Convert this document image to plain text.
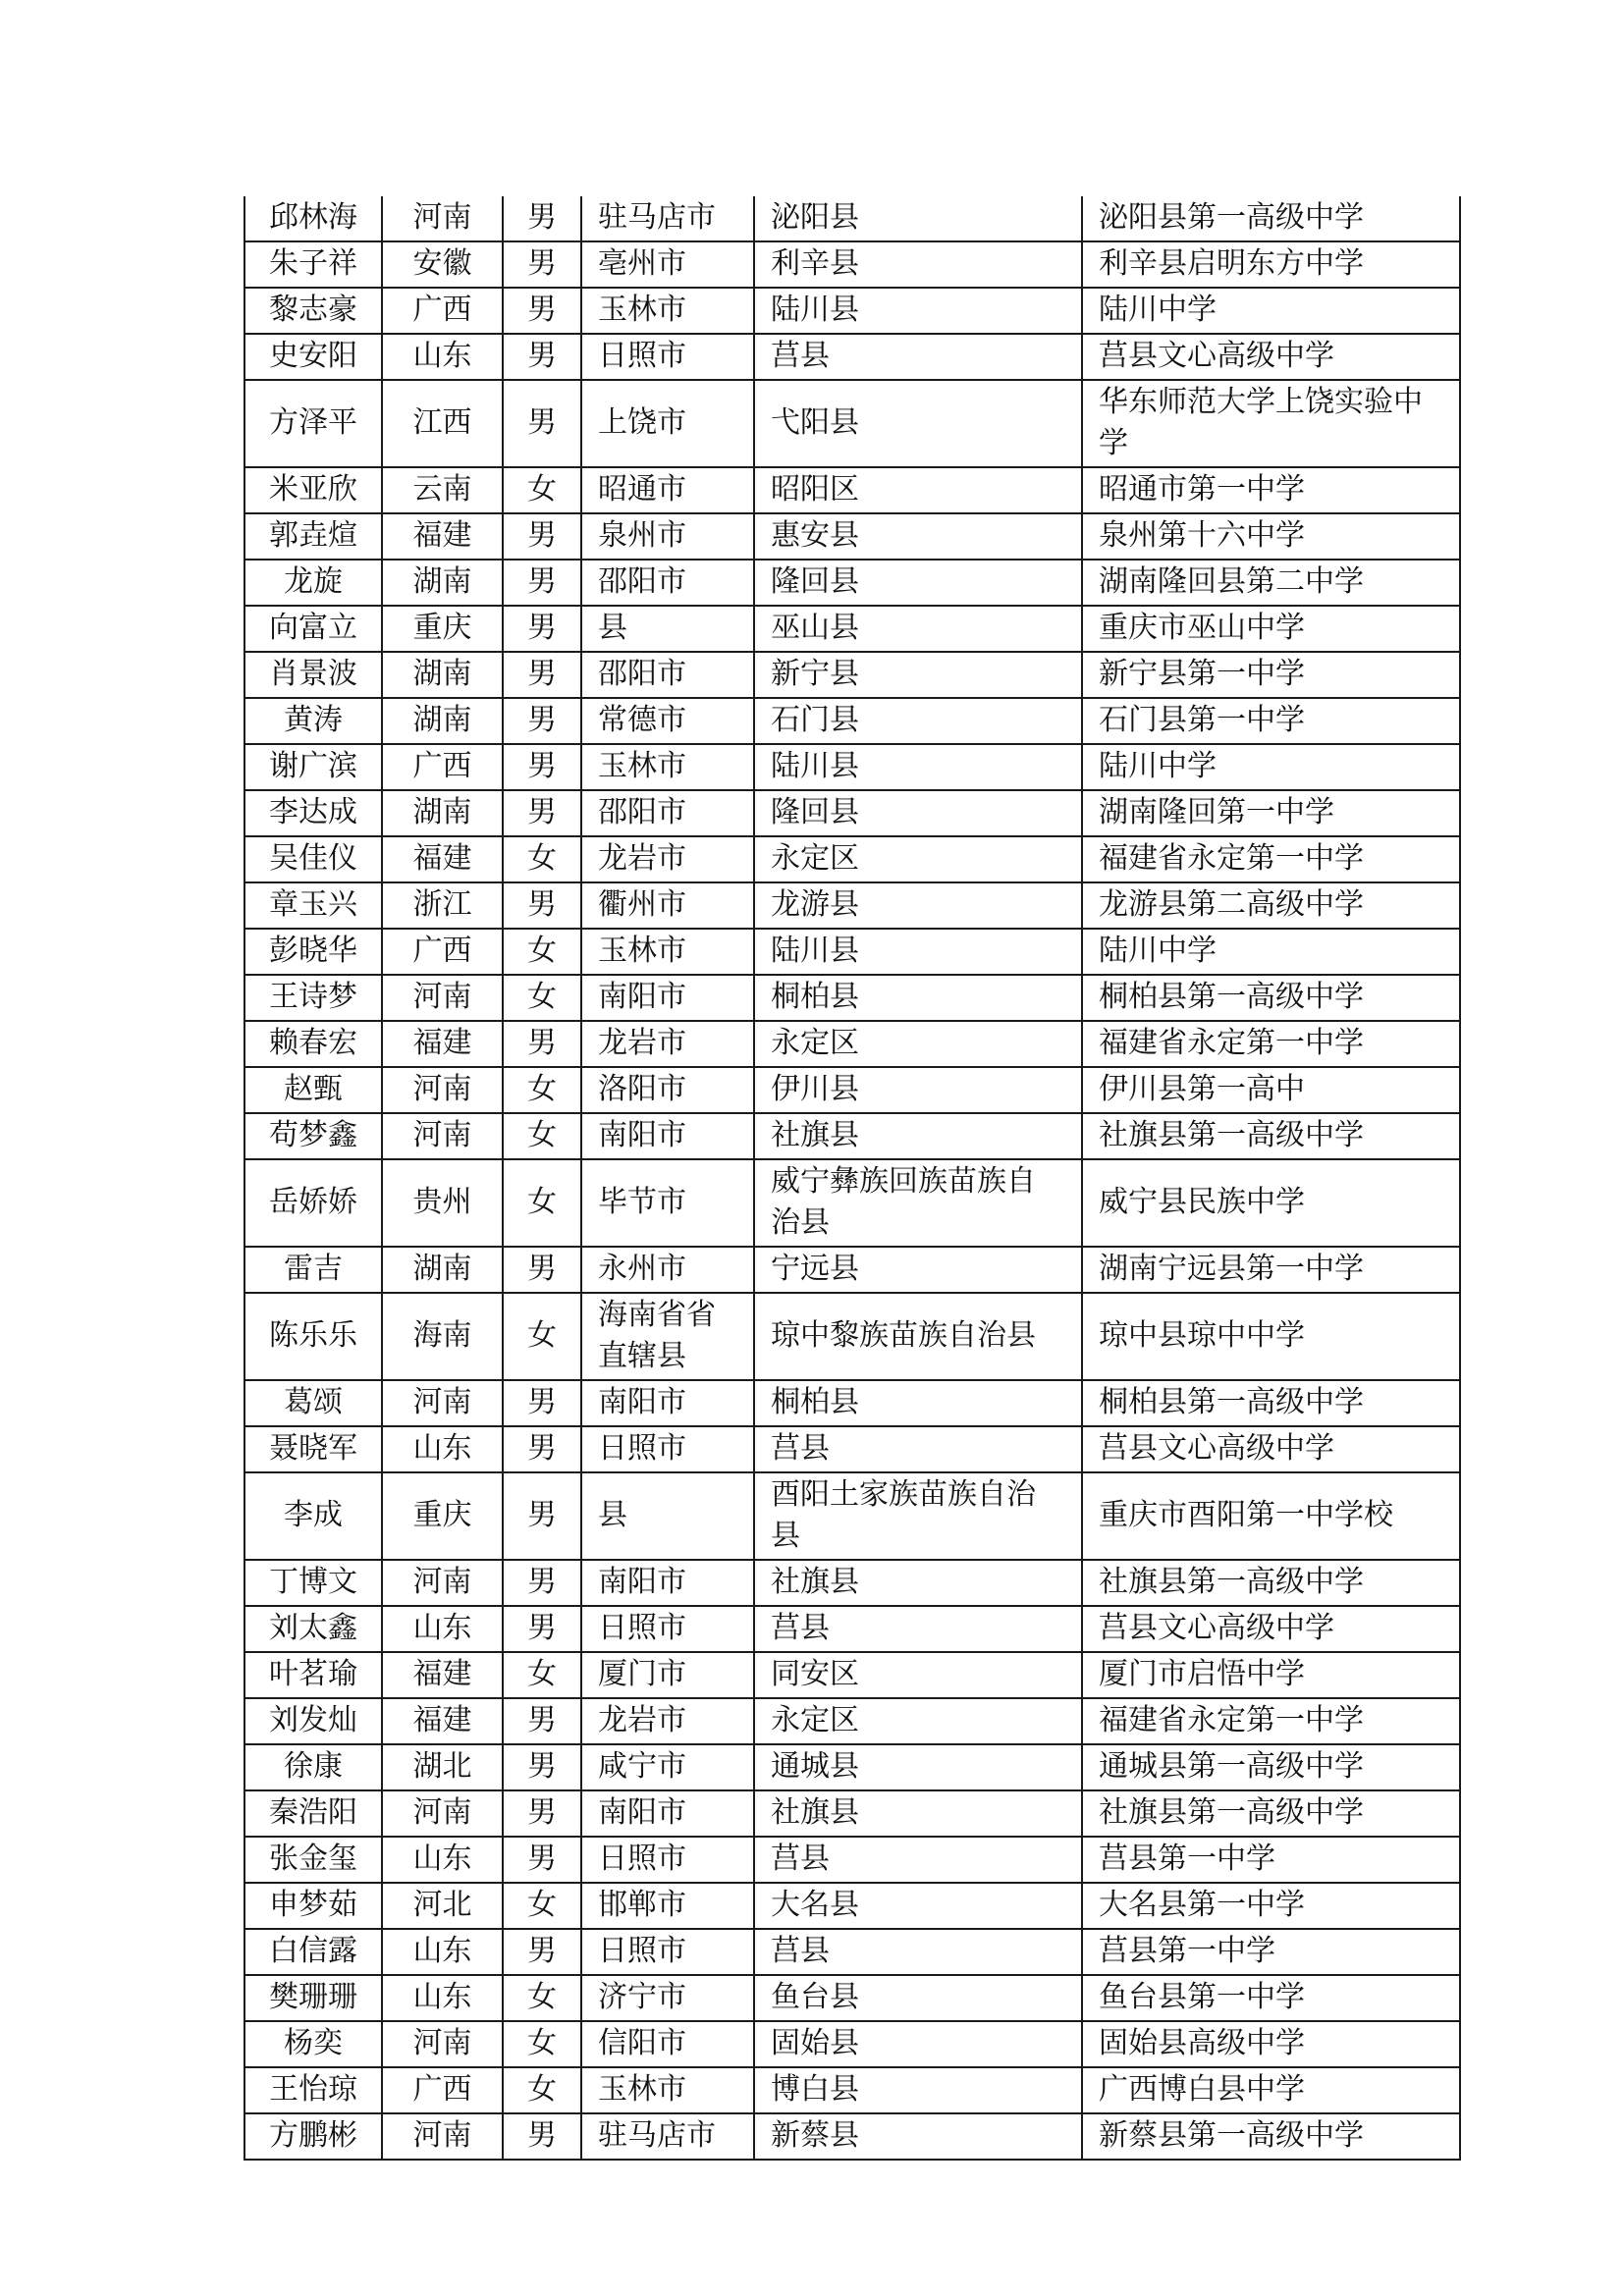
邱林海	河南	男	驻马店市	泌阳县	泌阳县第一高级中学
朱子祥	安徽	男	亳州市	利辛县	利辛县启明东方中学
黎志豪	广西	男	玉林市	陆川县	陆川中学
史安阳	山东	男	日照市	莒县	莒县文心高级中学
方泽平	江西	男	上饶市	弋阳县	华东师范大学上饶实验中学
米亚欣	云南	女	昭通市	昭阳区	昭通市第一中学
郭垚煊	福建	男	泉州市	惠安县	泉州第十六中学
龙旋	湖南	男	邵阳市	隆回县	湖南隆回县第二中学
向富立	重庆	男	县	巫山县	重庆市巫山中学
肖景波	湖南	男	邵阳市	新宁县	新宁县第一中学
黄涛	湖南	男	常德市	石门县	石门县第一中学
谢广滨	广西	男	玉林市	陆川县	陆川中学
李达成	湖南	男	邵阳市	隆回县	湖南隆回第一中学
吴佳仪	福建	女	龙岩市	永定区	福建省永定第一中学
章玉兴	浙江	男	衢州市	龙游县	龙游县第二高级中学
彭晓华	广西	女	玉林市	陆川县	陆川中学
王诗梦	河南	女	南阳市	桐柏县	桐柏县第一高级中学
赖春宏	福建	男	龙岩市	永定区	福建省永定第一中学
赵甄	河南	女	洛阳市	伊川县	伊川县第一高中
苟梦鑫	河南	女	南阳市	社旗县	社旗县第一高级中学
岳娇娇	贵州	女	毕节市	威宁彝族回族苗族自治县	威宁县民族中学
雷吉	湖南	男	永州市	宁远县	湖南宁远县第一中学
陈乐乐	海南	女	海南省省直辖县	琼中黎族苗族自治县	琼中县琼中中学
葛颂	河南	男	南阳市	桐柏县	桐柏县第一高级中学
聂晓军	山东	男	日照市	莒县	莒县文心高级中学
李成	重庆	男	县	酉阳土家族苗族自治县	重庆市酉阳第一中学校
丁博文	河南	男	南阳市	社旗县	社旗县第一高级中学
刘太鑫	山东	男	日照市	莒县	莒县文心高级中学
叶茗瑜	福建	女	厦门市	同安区	厦门市启悟中学
刘发灿	福建	男	龙岩市	永定区	福建省永定第一中学
徐康	湖北	男	咸宁市	通城县	通城县第一高级中学
秦浩阳	河南	男	南阳市	社旗县	社旗县第一高级中学
张金玺	山东	男	日照市	莒县	莒县第一中学
申梦茹	河北	女	邯郸市	大名县	大名县第一中学
白信露	山东	男	日照市	莒县	莒县第一中学
樊珊珊	山东	女	济宁市	鱼台县	鱼台县第一中学
杨奕	河南	女	信阳市	固始县	固始县高级中学
王怡琼	广西	女	玉林市	博白县	广西博白县中学
方鹏彬	河南	男	驻马店市	新蔡县	新蔡县第一高级中学
